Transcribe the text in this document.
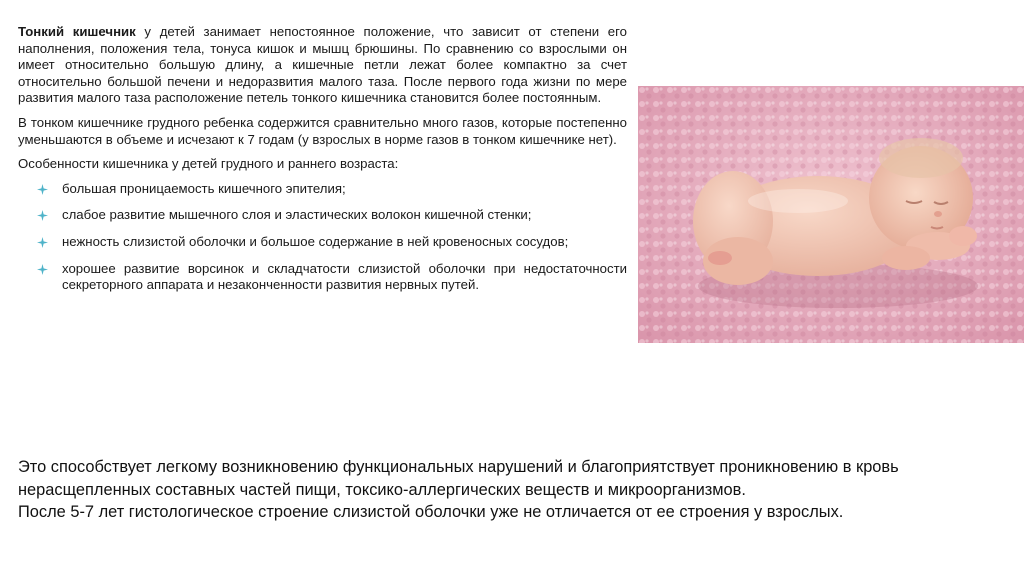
Тонкий кишечник у детей занимает непостоянное положение, что зависит от степени его наполнения, положения тела, тонуса кишок и мышц брюшины. По сравнению со взрослыми он имеет относительно большую длину, а кишечные петли лежат более компактно за счет относительно большой печени и недоразвития малого таза. После первого года жизни по мере развития малого таза расположение петель тонкого кишечника становится более постоянным.

В тонком кишечнике грудного ребенка содержится сравнительно много газов, которые постепенно уменьшаются в объеме и исчезают к 7 годам (у взрослых в норме газов в тонком кишечнике нет).

Особенности кишечника у детей грудного и раннего возраста:

большая проницаемость кишечного эпителия;
слабое развитие мышечного слоя и эластических волокон кишечной стенки;
нежность слизистой оболочки и большое содержание в ней кровеносных сосудов;
хорошее развитие ворсинок и складчатости слизистой оболочки при недостаточности секреторного аппарата и незаконченности развития нервных путей.

Это способствует легкому возникновению функциональных нарушений и благоприятствует проникновению в кровь нерасщепленных составных частей пищи, токсико-аллергических веществ и микроорганизмов.

После 5-7 лет гистологическое строение слизистой оболочки уже не отличается от ее строения у взрослых.
